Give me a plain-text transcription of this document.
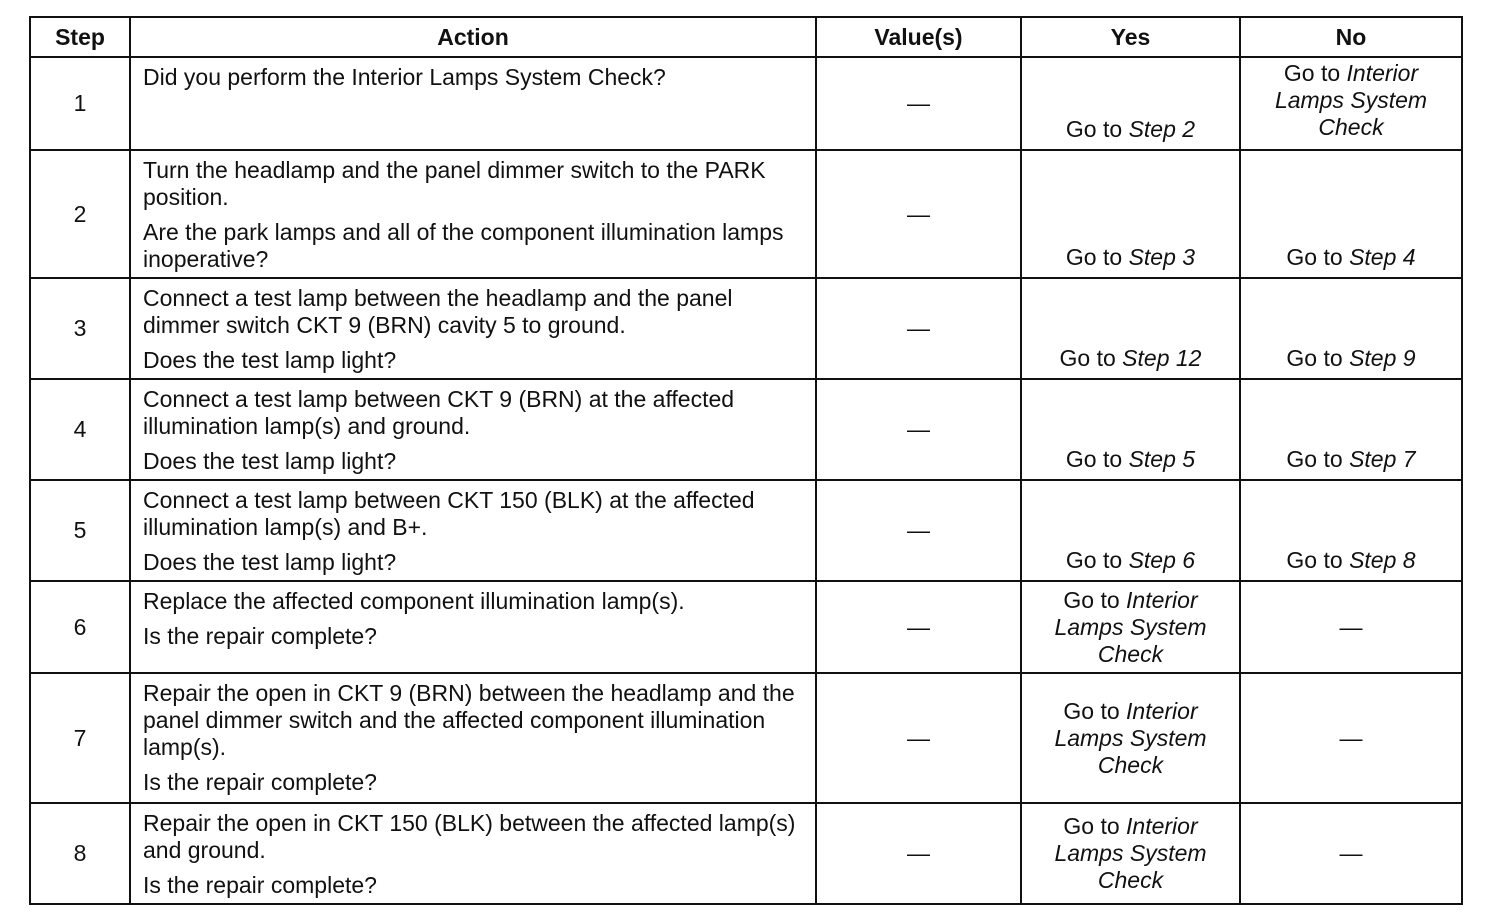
Step	Action	Value(s)	Yes	No
1	Did you perform the Interior Lamps System Check?	—	Go to Step 2	Go to Interior Lamps System Check
2	Turn the headlamp and the panel dimmer switch to the PARK position.

Are the park lamps and all of the component illumination lamps inoperative?	—	Go to Step 3	Go to Step 4
3	Connect a test lamp between the headlamp and the panel dimmer switch CKT 9 (BRN) cavity 5 to ground.

Does the test lamp light?	—	Go to Step 12	Go to Step 9
4	Connect a test lamp between CKT 9 (BRN) at the affected illumination lamp(s) and ground.

Does the test lamp light?	—	Go to Step 5	Go to Step 7
5	Connect a test lamp between CKT 150 (BLK) at the affected illumination lamp(s) and B+.

Does the test lamp light?	—	Go to Step 6	Go to Step 8
6	Replace the affected component illumination lamp(s).

Is the repair complete?	—	Go to Interior Lamps System Check	—
7	Repair the open in CKT 9 (BRN) between the headlamp and the panel dimmer switch and the affected component illumination lamp(s).

Is the repair complete?	—	Go to Interior Lamps System Check	—
8	Repair the open in CKT 150 (BLK) between the affected lamp(s) and ground.

Is the repair complete?	—	Go to Interior Lamps System Check	—
